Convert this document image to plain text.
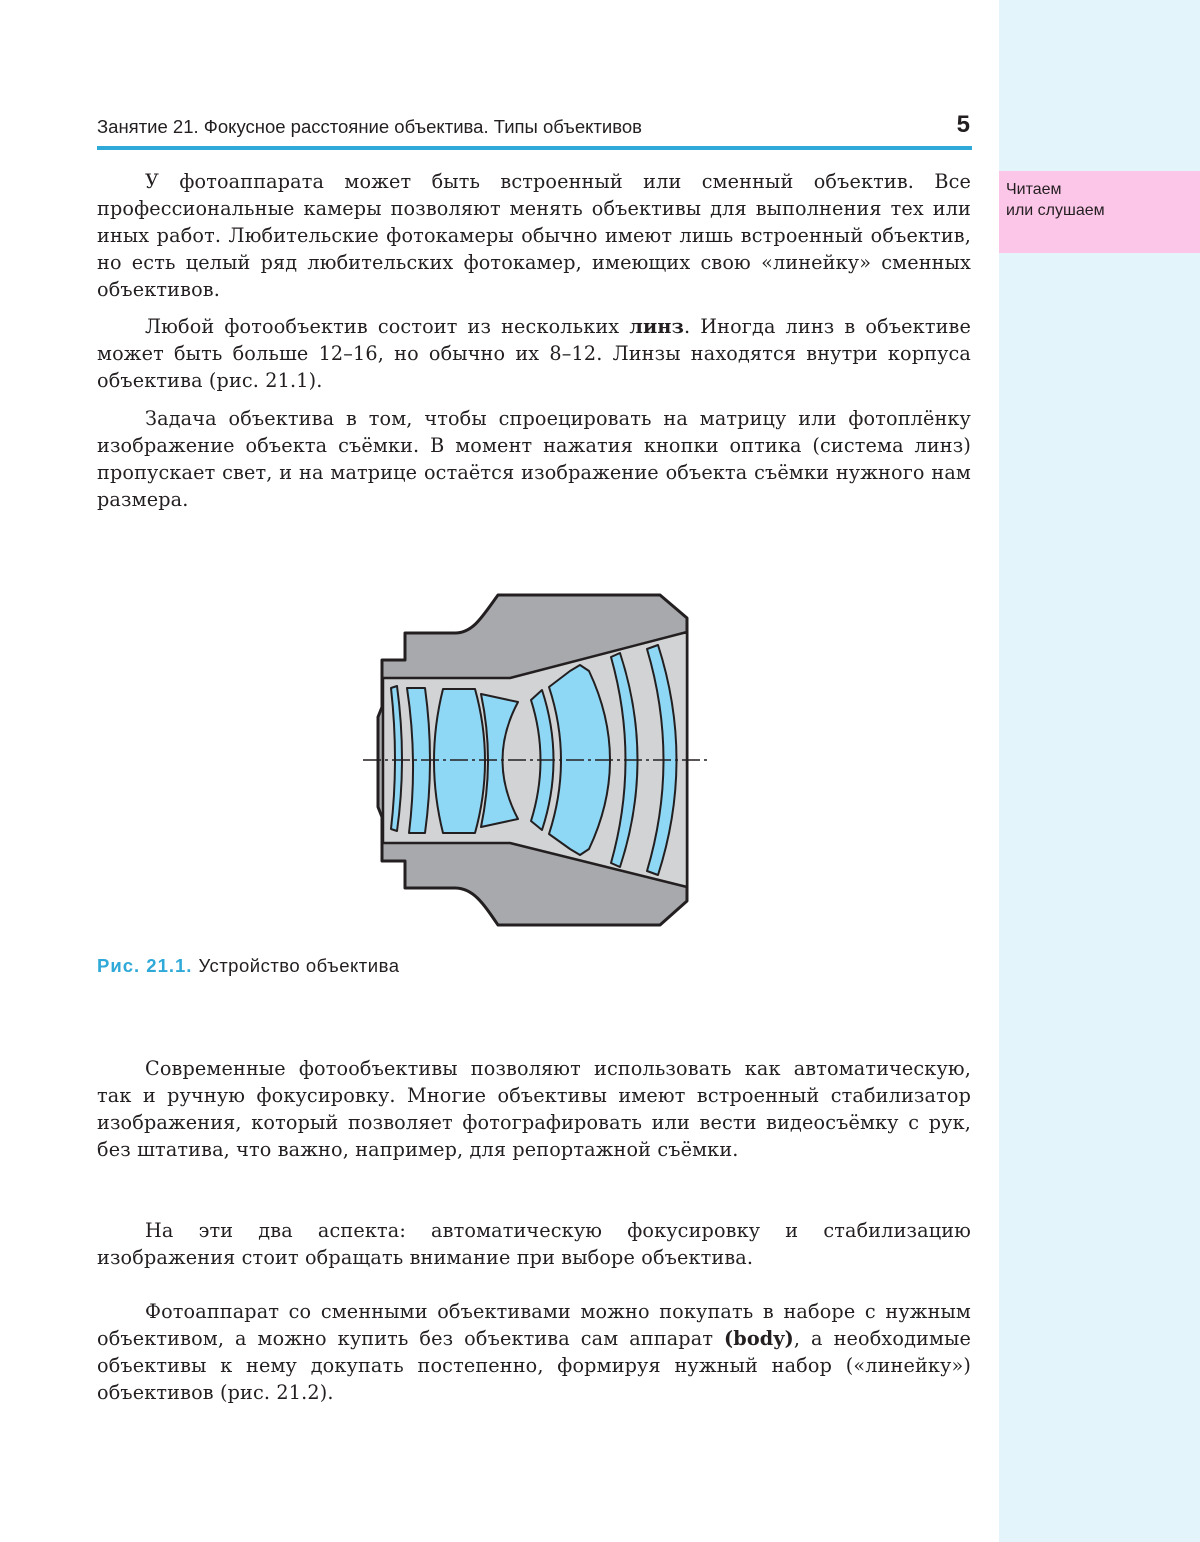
Читаем
или слушаем
Занятие 21. Фокусное расстояние объектива. Типы объективов	5
У фотоаппарата может быть встроенный или сменный объектив. Все профессиональные камеры позволяют менять объективы для выполнения тех или иных работ. Любительские фотокамеры обычно имеют лишь встроенный объектив, но есть целый ряд любительских фотокамер, имеющих свою «линейку» сменных объективов.
Любой фотообъектив состоит из нескольких линз. Иногда линз в объективе может быть больше 12–16, но обычно их 8–12. Линзы находятся внутри корпуса объектива (рис. 21.1).
Задача объектива в том, чтобы спроецировать на матрицу или фотоплёнку изображение объекта съёмки. В момент нажатия кнопки оптика (система линз) пропускает свет, и на матрице остаётся изображение объекта съёмки нужного нам размера.
Рис. 21.1. Устройство объектива
Современные фотообъективы позволяют использовать как автоматическую, так и ручную фокусировку. Многие объективы имеют встроенный стабилизатор изображения, который позволяет фотографировать или вести видеосъёмку с рук, без штатива, что важно, например, для репортажной съёмки.
На эти два аспекта: автоматическую фокусировку и стабилизацию изображения стоит обращать внимание при выборе объектива.
Фотоаппарат со сменными объективами можно покупать в наборе с нужным объективом, а можно купить без объектива сам аппарат (body), а необходимые объективы к нему докупать постепенно, формируя нужный набор («линейку») объективов (рис. 21.2).
